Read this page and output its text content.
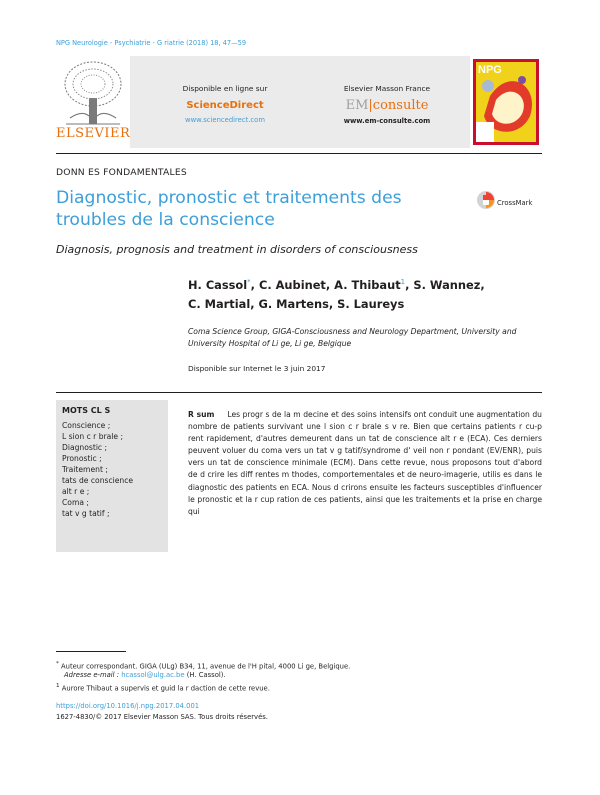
NPG Neurologie - Psychiatrie - G riatrie (2018) 18, 47—59
ELSEVIER
Disponible en ligne sur
ScienceDirect
www.sciencedirect.com
Elsevier Masson France
EM|consulte
www.em-consulte.com
NPG
DONN ES FONDAMENTALES
Diagnostic, pronostic et traitements des troubles de la conscience
CrossMark
Diagnosis, prognosis and treatment in disorders of consciousness
H. Cassol*, C. Aubinet, A. Thibaut$^1$, S. Wannez,
C. Martial, G. Martens, S. Laureys
Coma Science Group, GIGA-Consciousness and Neurology Department, University and University Hospital of Li ge, Li ge, Belgique
Disponible sur Internet le 3 juin 2017
MOTS CL S
Conscience ;
L sion c r brale ;
Diagnostic ;
Pronostic ;
Traitement ;
tats de conscience
alt r e ;
Coma ;
tat v g tatif ;
R sum     Les progr s de la m decine et des soins intensifs ont conduit une augmentation du nombre de patients survivant une l sion c r brale s v re. Bien que certains patients r cu-p rent rapidement, d'autres demeurent dans un tat de conscience alt r e (ECA). Ces derniers peuvent voluer du coma vers un tat v g tatif/syndrome d' veil non r pondant (EV/ENR), puis vers un tat de conscience minimale (ECM). Dans cette revue, nous proposons tout d'abord de d crire les diff rentes m thodes, comportementales et de neuro-imagerie, utilis es dans le diagnostic des patients en ECA. Nous d crirons ensuite les facteurs susceptibles d'influencer le pronostic et la r cup ration de ces patients, ainsi que les traitements et la prise en charge qui
* Auteur correspondant. GIGA (ULg) B34, 11, avenue de l'H pital, 4000 Li ge, Belgique.
Adresse e-mail : hcassol@ulg.ac.be (H. Cassol).
$^1$ Aurore Thibaut a supervis et guid la r daction de cette revue.
https://doi.org/10.1016/j.npg.2017.04.001
1627-4830/© 2017 Elsevier Masson SAS. Tous droits réservés.
